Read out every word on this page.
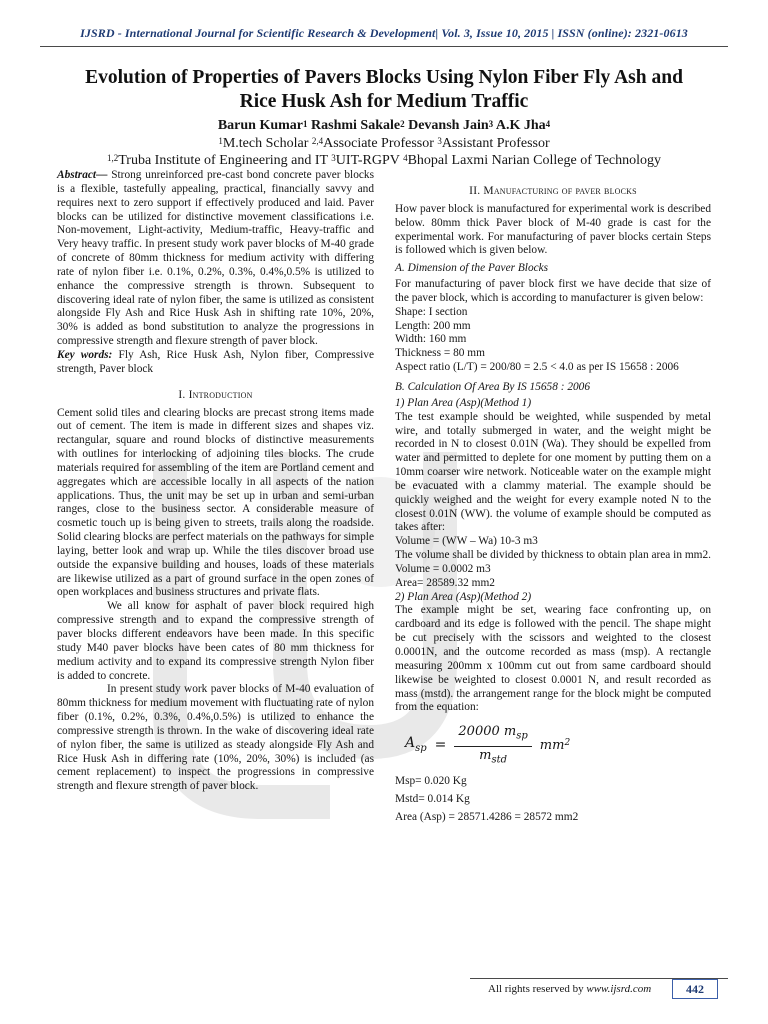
IJSRD - International Journal for Scientific Research & Development| Vol. 3, Issue 10, 2015 | ISSN (online): 2321-0613

Evolution of Properties of Pavers Blocks Using Nylon Fiber Fly Ash and
Rice Husk Ash for Medium Traffic

Barun Kumar$^1$ Rashmi Sakale$^2$ Devansh Jain$^3$ A.K Jha$^4$
$^1$M.tech Scholar $^{2,4}$Associate Professor $^3$Assistant Professor
$^{1,2}$Truba Institute of Engineering and IT $^3$UIT-RGPV $^4$Bhopal Laxmi Narian College of Technology

Abstract— Strong unreinforced pre-cast bond concrete paver blocks is a flexible, tastefully appealing, practical, financially savvy and requires next to zero support if effectively produced and laid. Paver blocks can be utilized for distinctive movement classifications i.e. Non-movement, Light-activity, Medium-traffic, Heavy-traffic and Very heavy traffic. In present study work paver blocks of M-40 grade of concrete of 80mm thickness for medium activity with differing rate of nylon fiber i.e. 0.1%, 0.2%, 0.3%, 0.4%,0.5% is utilized to enhance the compressive strength is thrown. Subsequent to discovering ideal rate of nylon fiber, the same is utilized as consistent alongside Fly Ash and Rice Husk Ash in shifting rate 10%, 20%, 30% is added as bond substitution to analyze the progressions in compressive strength and flexure strength of paver block.

Key words: Fly Ash, Rice Husk Ash, Nylon fiber, Compressive strength, Paver block

I. Introduction

Cement solid tiles and clearing blocks are precast strong items made out of cement. The item is made in different sizes and shapes viz. rectangular, square and round blocks of distinctive measurements with outlines for interlocking of adjoining tiles blocks. The crude materials required for assembling of the item are Portland cement and aggregates which are accessible locally in all aspects of the nation applications. Thus, the unit may be set up in urban and semi-urban ranges, close to the business sector. A considerable measure of cosmetic touch up is being given to streets, trails along the roadside. Solid clearing blocks are perfect materials on the pathways for simple laying, better look and wrap up. While the tiles discover broad use outside the expansive building and houses, loads of these materials are likewise utilized as a part of ground surface in the open zones of open workplaces and business structures and private flats.

We all know for asphalt of paver block required high compressive strength and to expand the compressive strength of paver blocks different endeavors have been made. In this specific study M40 paver blocks have been cates of 80 mm thickness for medium activity and to expand its compressive strength Nylon fiber is added to concrete.

In present study work paver blocks of M-40 evaluation of 80mm thickness for medium movement with fluctuating rate of nylon fiber (0.1%, 0.2%, 0.3%, 0.4%,0.5%) is utilized to enhance the compressive strength is thrown. In the wake of discovering ideal rate of nylon fiber, the same is utilized as steady alongside Fly Ash and Rice Husk Ash in differing rate (10%, 20%, 30%) is included (as cement replacement) to inspect the progressions in compressive strength and flexure strength of paver block.

II. Manufacturing of paver blocks

How paver block is manufactured for experimental work is described below. 80mm thick Paver block of M-40 grade is cast for the experimental work. For manufacturing of paver blocks certain Steps is followed which is given below.

A. Dimension of the Paver Blocks

For manufacturing of paver block first we have decide that size of the paver block, which is according to manufacturer is given below:

Shape: I section

Length: 200 mm

Width: 160 mm

Thickness = 80 mm

Aspect ratio (L/T) = 200/80 = 2.5 < 4.0 as per IS 15658 : 2006

B. Calculation Of Area By IS 15658 : 2006
1) Plan Area (Asp)(Method 1)

The test example should be weighted, while suspended by metal wire, and totally submerged in water, and the weight might be recorded in N to closest 0.01N (Wa). They should be expelled from water and permitted to deplete for one moment by putting them on a 10mm coarser wire network. Noticeable water on the example might be evacuated with a clammy material. The example should be quickly weighed and the weight for every example noted N to the closest 0.01N (WW). the volume of example should be computed as takes after:

Volume = (WW – Wa) 10-3 m3

The volume shall be divided by thickness to obtain plan area in mm2.

Volume = 0.0002 m3

Area= 28589.32 mm2

2) Plan Area (Asp)(Method 2)

The example might be set, wearing face confronting up, on cardboard and its edge is followed with the pencil. The shape might be cut precisely with the scissors and weighted to the closest 0.0001N, and the outcome recorded as mass (msp). A rectangle measuring 200mm x 100mm cut out from same cardboard should likewise be weighted to closest 0.0001 N, and result recorded as mass (mstd). the arrangement range for the block might be computed from the equation:

$A_{sp} = \frac{20000 m_{sp}}{m_{std}} mm^2$

Msp= 0.020 Kg

Mstd= 0.014 Kg

Area (Asp) = 28571.4286 = 28572 mm2

All rights reserved by www.ijsrd.com	442
